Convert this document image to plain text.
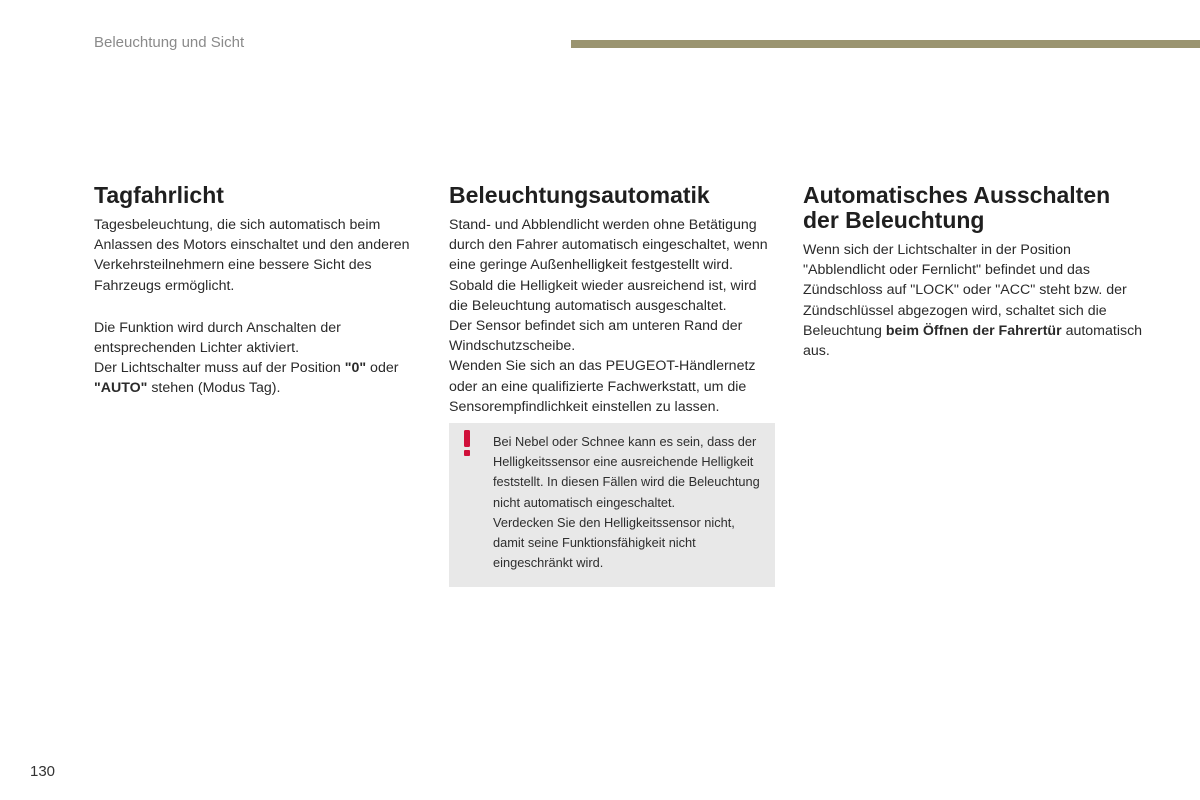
Beleuchtung und Sicht
Tagfahrlicht

Tagesbeleuchtung, die sich automatisch beim Anlassen des Motors einschaltet und den anderen Verkehrsteilnehmern eine bessere Sicht des Fahrzeugs ermöglicht.

Die Funktion wird durch Anschalten der entsprechenden Lichter aktiviert.
Der Lichtschalter muss auf der Position "0" oder "AUTO" stehen (Modus Tag).

Beleuchtungsautomatik

Stand- und Abblendlicht werden ohne Betätigung durch den Fahrer automatisch eingeschaltet, wenn eine geringe Außenhelligkeit festgestellt wird.

Sobald die Helligkeit wieder ausreichend ist, wird die Beleuchtung automatisch ausgeschaltet.

Der Sensor befindet sich am unteren Rand der Windschutzscheibe.

Wenden Sie sich an das PEUGEOT-Händlernetz oder an eine qualifizierte Fachwerkstatt, um die Sensorempfindlichkeit einstellen zu lassen.

Bei Nebel oder Schnee kann es sein, dass der Helligkeitssensor eine ausreichende Helligkeit feststellt. In diesen Fällen wird die Beleuchtung nicht automatisch eingeschaltet.

Verdecken Sie den Helligkeitssensor nicht, damit seine Funktionsfähigkeit nicht eingeschränkt wird.

Automatisches Ausschalten der Beleuchtung

Wenn sich der Lichtschalter in der Position "Abblendlicht oder Fernlicht" befindet und das Zündschloss auf "LOCK" oder "ACC" steht bzw. der Zündschlüssel abgezogen wird, schaltet sich die Beleuchtung beim Öffnen der Fahrertür automatisch aus.

130
